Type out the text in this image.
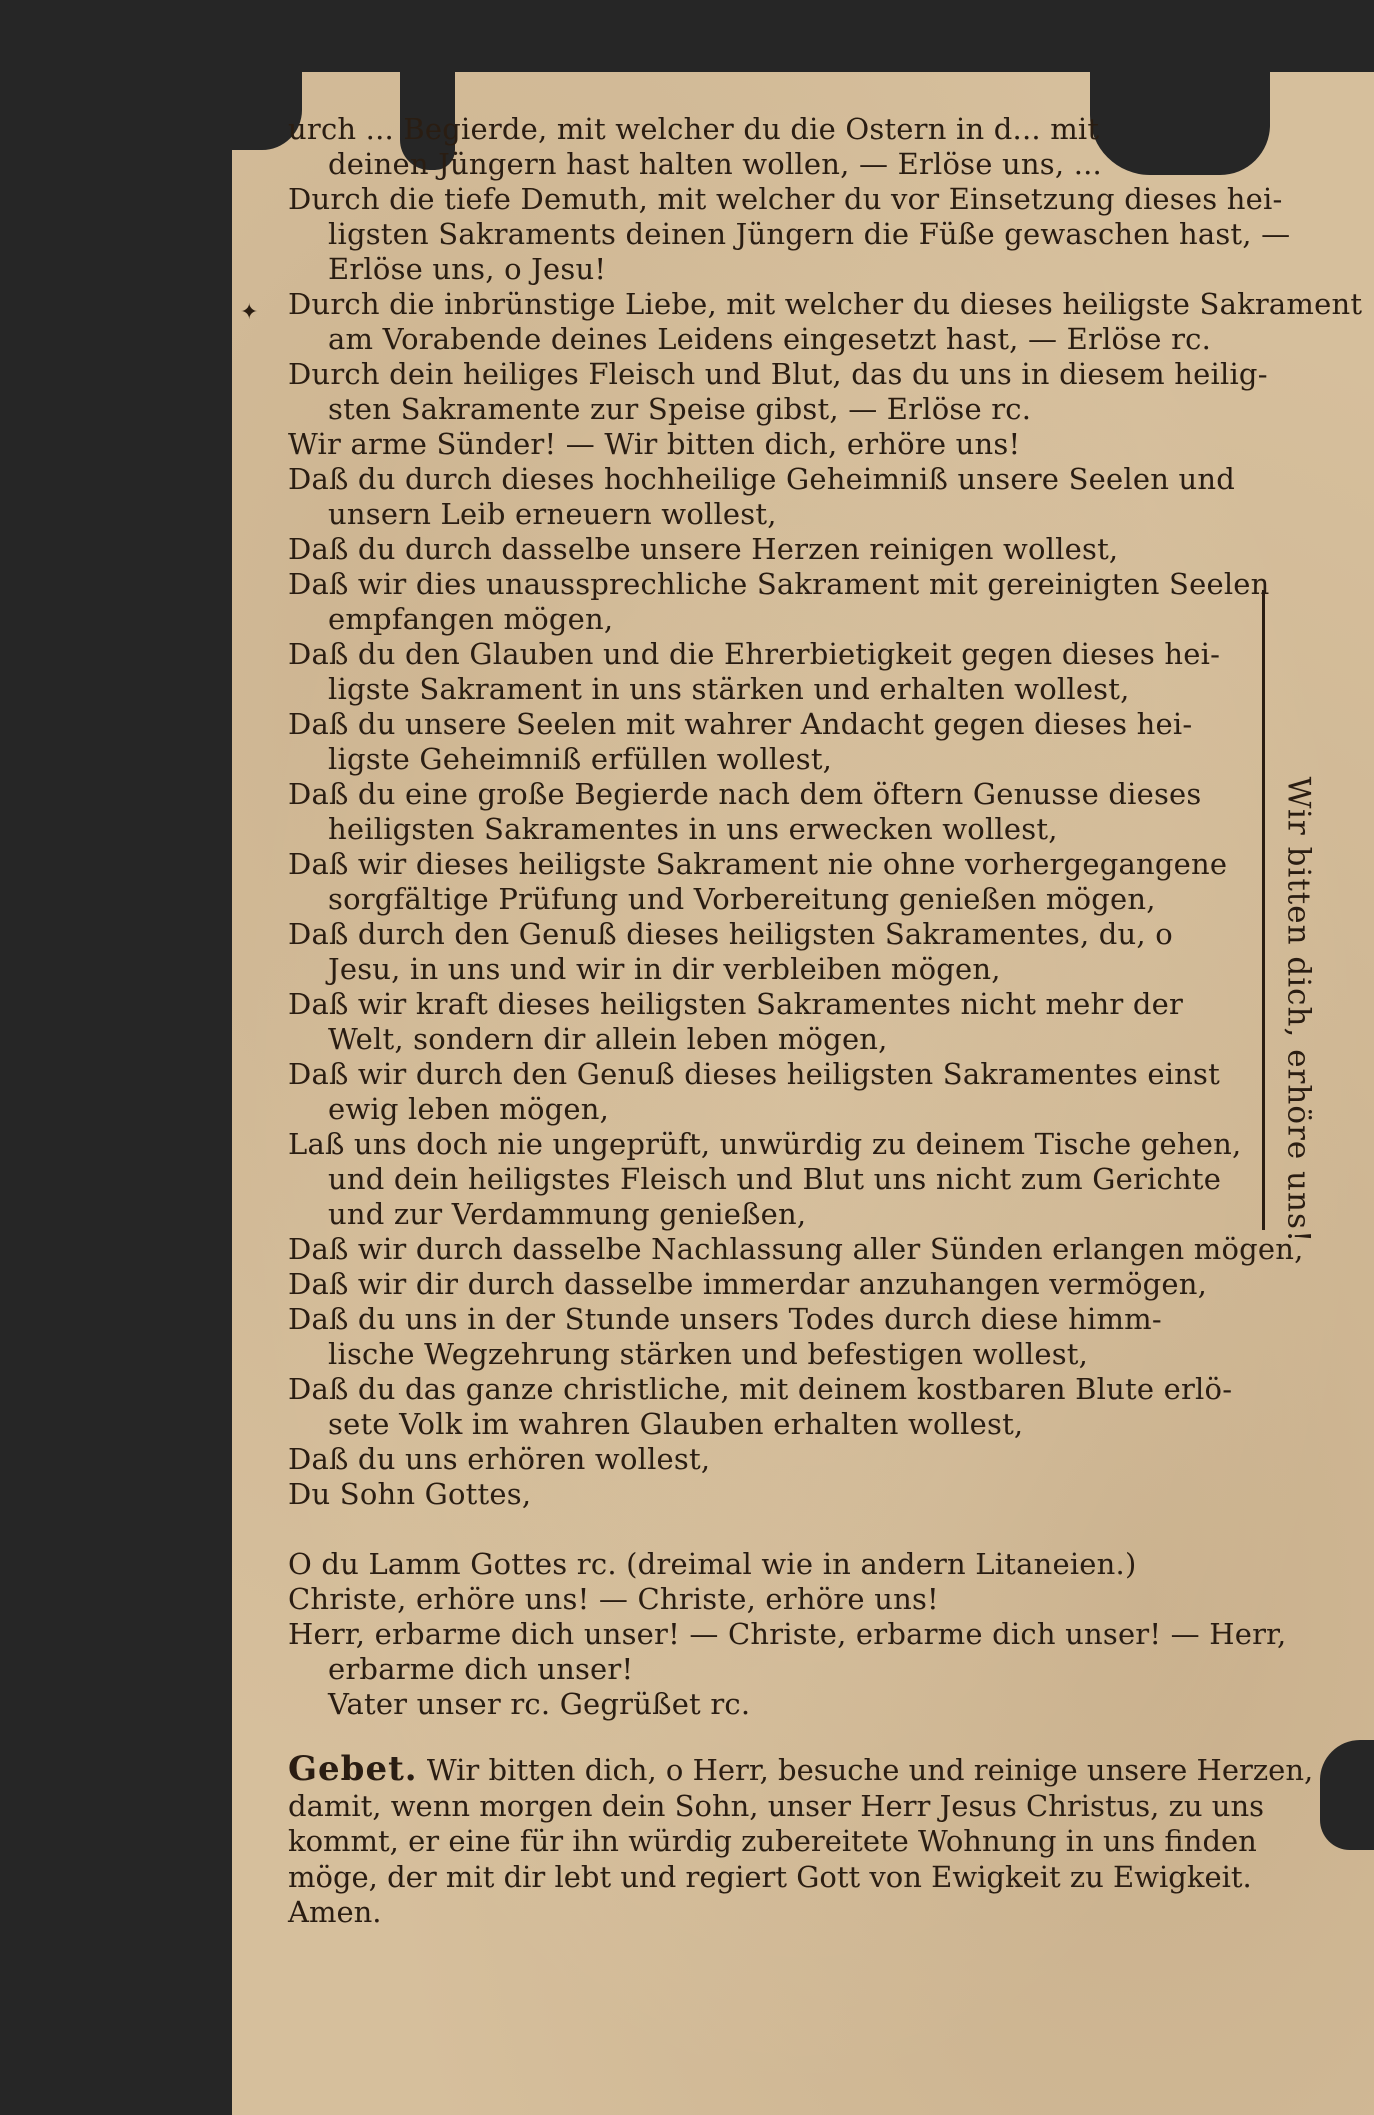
✦
urch ... Begierde, mit welcher du die Ostern in d... mit
deinen Jüngern hast halten wollen, — Erlöse uns, ...
Durch die tiefe Demuth, mit welcher du vor Einsetzung dieses hei-
ligsten Sakraments deinen Jüngern die Füße gewaschen hast, —
Erlöse uns, o Jesu!
Durch die inbrünstige Liebe, mit welcher du dieses heiligste Sakrament
am Vorabende deines Leidens eingesetzt hast, — Erlöse rc.
Durch dein heiliges Fleisch und Blut, das du uns in diesem heilig-
sten Sakramente zur Speise gibst, — Erlöse rc.
Wir arme Sünder! — Wir bitten dich, erhöre uns!
Daß du durch dieses hochheilige Geheimniß unsere Seelen und
unsern Leib erneuern wollest,
Daß du durch dasselbe unsere Herzen reinigen wollest,
Daß wir dies unaussprechliche Sakrament mit gereinigten Seelen
empfangen mögen,
Daß du den Glauben und die Ehrerbietigkeit gegen dieses hei-
ligste Sakrament in uns stärken und erhalten wollest,
Daß du unsere Seelen mit wahrer Andacht gegen dieses hei-
ligste Geheimniß erfüllen wollest,
Daß du eine große Begierde nach dem öftern Genusse dieses
heiligsten Sakramentes in uns erwecken wollest,
Daß wir dieses heiligste Sakrament nie ohne vorhergegangene
sorgfältige Prüfung und Vorbereitung genießen mögen,
Daß durch den Genuß dieses heiligsten Sakramentes, du, o
Jesu, in uns und wir in dir verbleiben mögen,
Daß wir kraft dieses heiligsten Sakramentes nicht mehr der
Welt, sondern dir allein leben mögen,
Daß wir durch den Genuß dieses heiligsten Sakramentes einst
ewig leben mögen,
Laß uns doch nie ungeprüft, unwürdig zu deinem Tische gehen,
und dein heiligstes Fleisch und Blut uns nicht zum Gerichte
und zur Verdammung genießen,
Daß wir durch dasselbe Nachlassung aller Sünden erlangen mögen,
Daß wir dir durch dasselbe immerdar anzuhangen vermögen,
Daß du uns in der Stunde unsers Todes durch diese himm-
lische Wegzehrung stärken und befestigen wollest,
Daß du das ganze christliche, mit deinem kostbaren Blute erlö-
sete Volk im wahren Glauben erhalten wollest,
Daß du uns erhören wollest,
Du Sohn Gottes,
O du Lamm Gottes rc. (dreimal wie in andern Litaneien.)
Christe, erhöre uns! — Christe, erhöre uns!
Herr, erbarme dich unser! — Christe, erbarme dich unser! — Herr,
erbarme dich unser!
Vater unser rc. Gegrüßet rc.
Wir bitten dich, erhöre uns!
Gebet. Wir bitten dich, o Herr, besuche und reinige unsere Herzen, damit, wenn morgen dein Sohn, unser Herr Jesus Christus, zu uns kommt, er eine für ihn würdig zubereitete Wohnung in uns finden möge, der mit dir lebt und regiert Gott von Ewigkeit zu Ewigkeit. Amen.
